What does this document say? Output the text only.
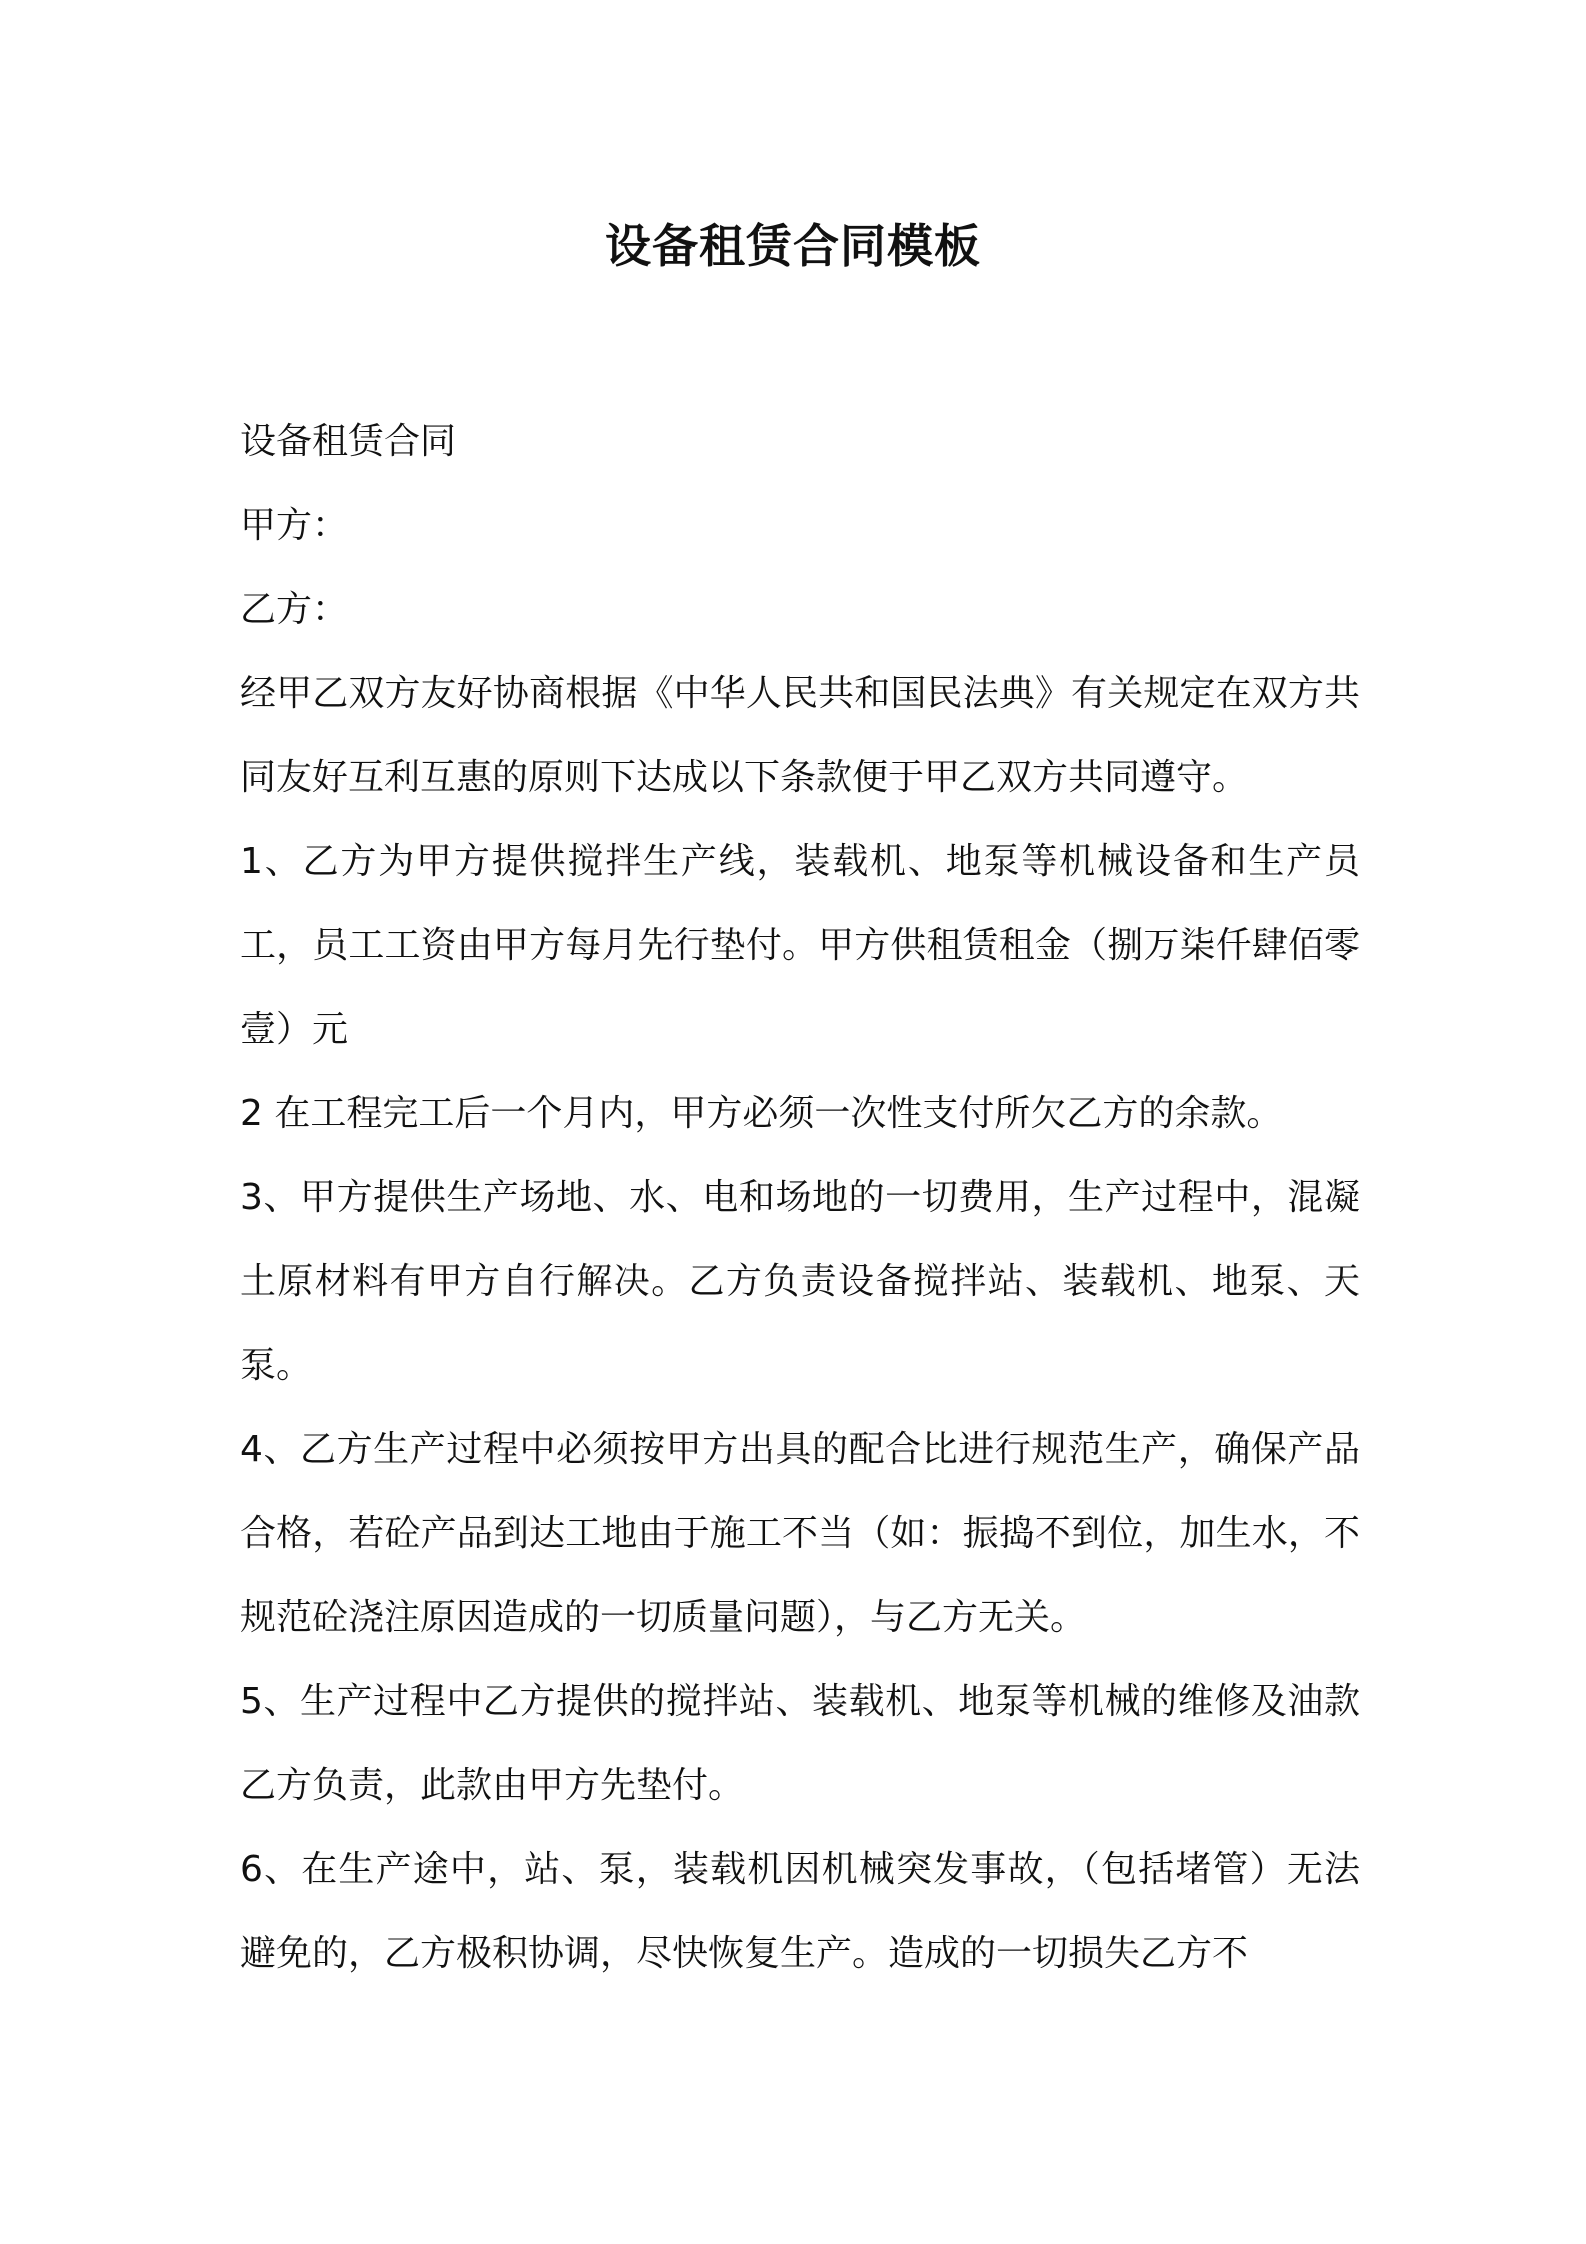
设备租赁合同模板

设备租赁合同

甲方：

乙方：

经甲乙双方友好协商根据《中华人民共和国民法典》有关规定在双方共同友好互利互惠的原则下达成以下条款便于甲乙双方共同遵守。

1、乙方为甲方提供搅拌生产线，装载机、地泵等机械设备和生产员工，员工工资由甲方每月先行垫付。甲方供租赁租金（捌万柒仟肆佰零壹）元

2 在工程完工后一个月内，甲方必须一次性支付所欠乙方的余款。

3、甲方提供生产场地、水、电和场地的一切费用，生产过程中，混凝土原材料有甲方自行解决。乙方负责设备搅拌站、装载机、地泵、天泵。

4、乙方生产过程中必须按甲方出具的配合比进行规范生产，确保产品合格，若砼产品到达工地由于施工不当（如：振捣不到位，加生水，不规范砼浇注原因造成的一切质量问题），与乙方无关。

5、生产过程中乙方提供的搅拌站、装载机、地泵等机械的维修及油款乙方负责，此款由甲方先垫付。

6、在生产途中，站、泵，装载机因机械突发事故，（包括堵管）无法避免的，乙方极积协调，尽快恢复生产。造成的一切损失乙方不
